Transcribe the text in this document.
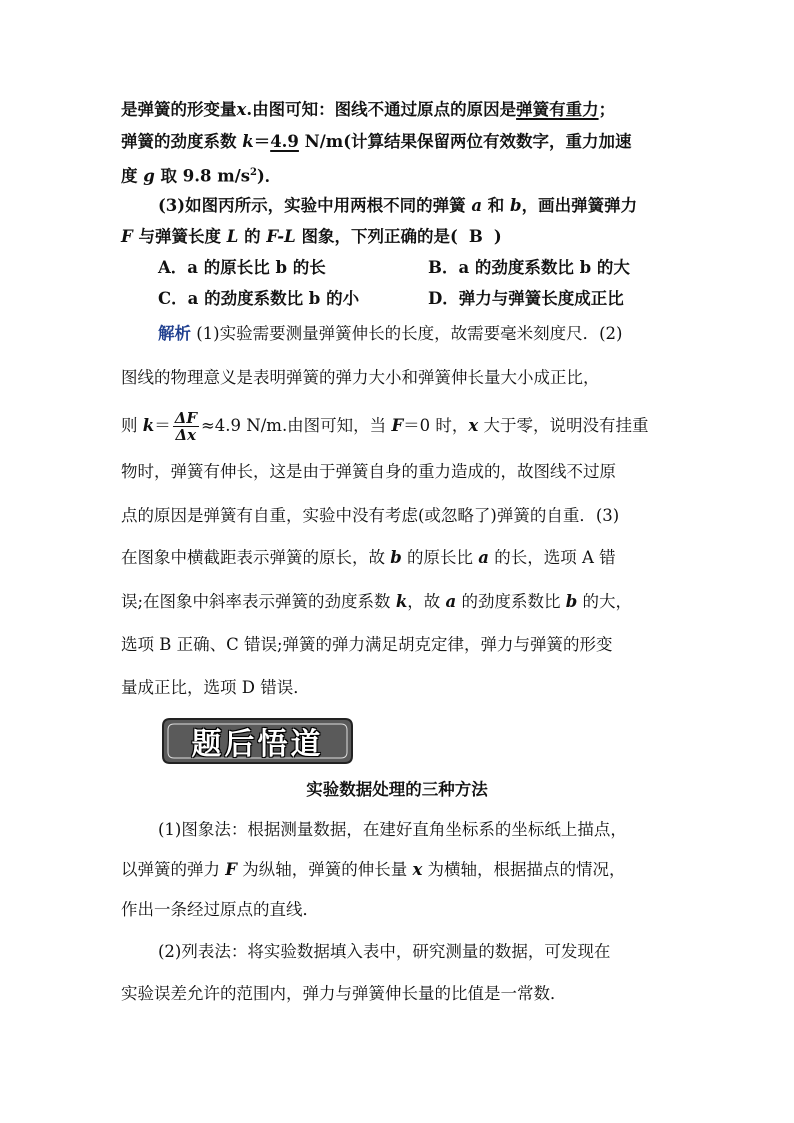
是弹簧的形变量x.由图可知：图线不通过原点的原因是弹簧有重力；
弹簧的劲度系数 k＝4.9 N/m(计算结果保留两位有效数字，重力加速
度 g 取 9.8 $m/s^2$)．
(3)如图丙所示，实验中用两根不同的弹簧 a 和 b，画出弹簧弹力
F 与弹簧长度 L 的 F-L 图象，下列正确的是( B )
A．a 的原长比 b 的长	B．a 的劲度系数比 b 的大
C．a 的劲度系数比 b 的小	D．弹力与弹簧长度成正比
解析 (1)实验需要测量弹簧伸长的长度，故需要毫米刻度尺．(2)
图线的物理意义是表明弹簧的弹力大小和弹簧伸长量大小成正比，
则 $k= \frac{\Delta F}{\Delta x} \approx 4.9$ N/m.由图可知，当 F＝0 时，x 大于零，说明没有挂重
物时，弹簧有伸长，这是由于弹簧自身的重力造成的，故图线不过原
点的原因是弹簧有自重，实验中没有考虑(或忽略了)弹簧的自重．(3)
在图象中横截距表示弹簧的原长，故 b 的原长比 a 的长，选项 A 错
误;在图象中斜率表示弹簧的劲度系数 k，故 a 的劲度系数比 b 的大，
选项 B 正确、C 错误;弹簧的弹力满足胡克定律，弹力与弹簧的形变
量成正比，选项 D 错误．
题后悟道
实验数据处理的三种方法
(1)图象法：根据测量数据，在建好直角坐标系的坐标纸上描点，
以弹簧的弹力 F 为纵轴，弹簧的伸长量 x 为横轴，根据描点的情况，
作出一条经过原点的直线．
(2)列表法：将实验数据填入表中，研究测量的数据，可发现在
实验误差允许的范围内，弹力与弹簧伸长量的比值是一常数．
